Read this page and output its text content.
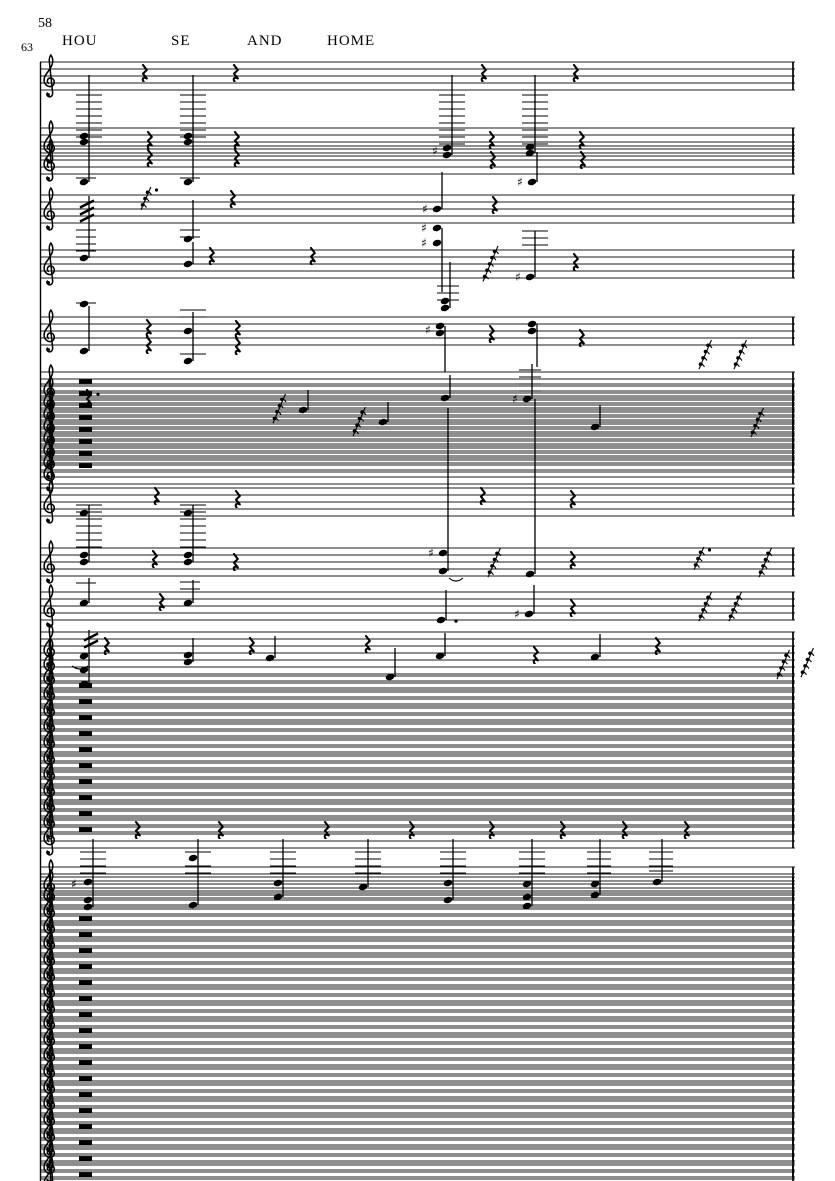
58
63 HOU	SE	AND	HOME
♯
♯
♯
♯
♯
♯
♯
♯
♯
♯
♯
